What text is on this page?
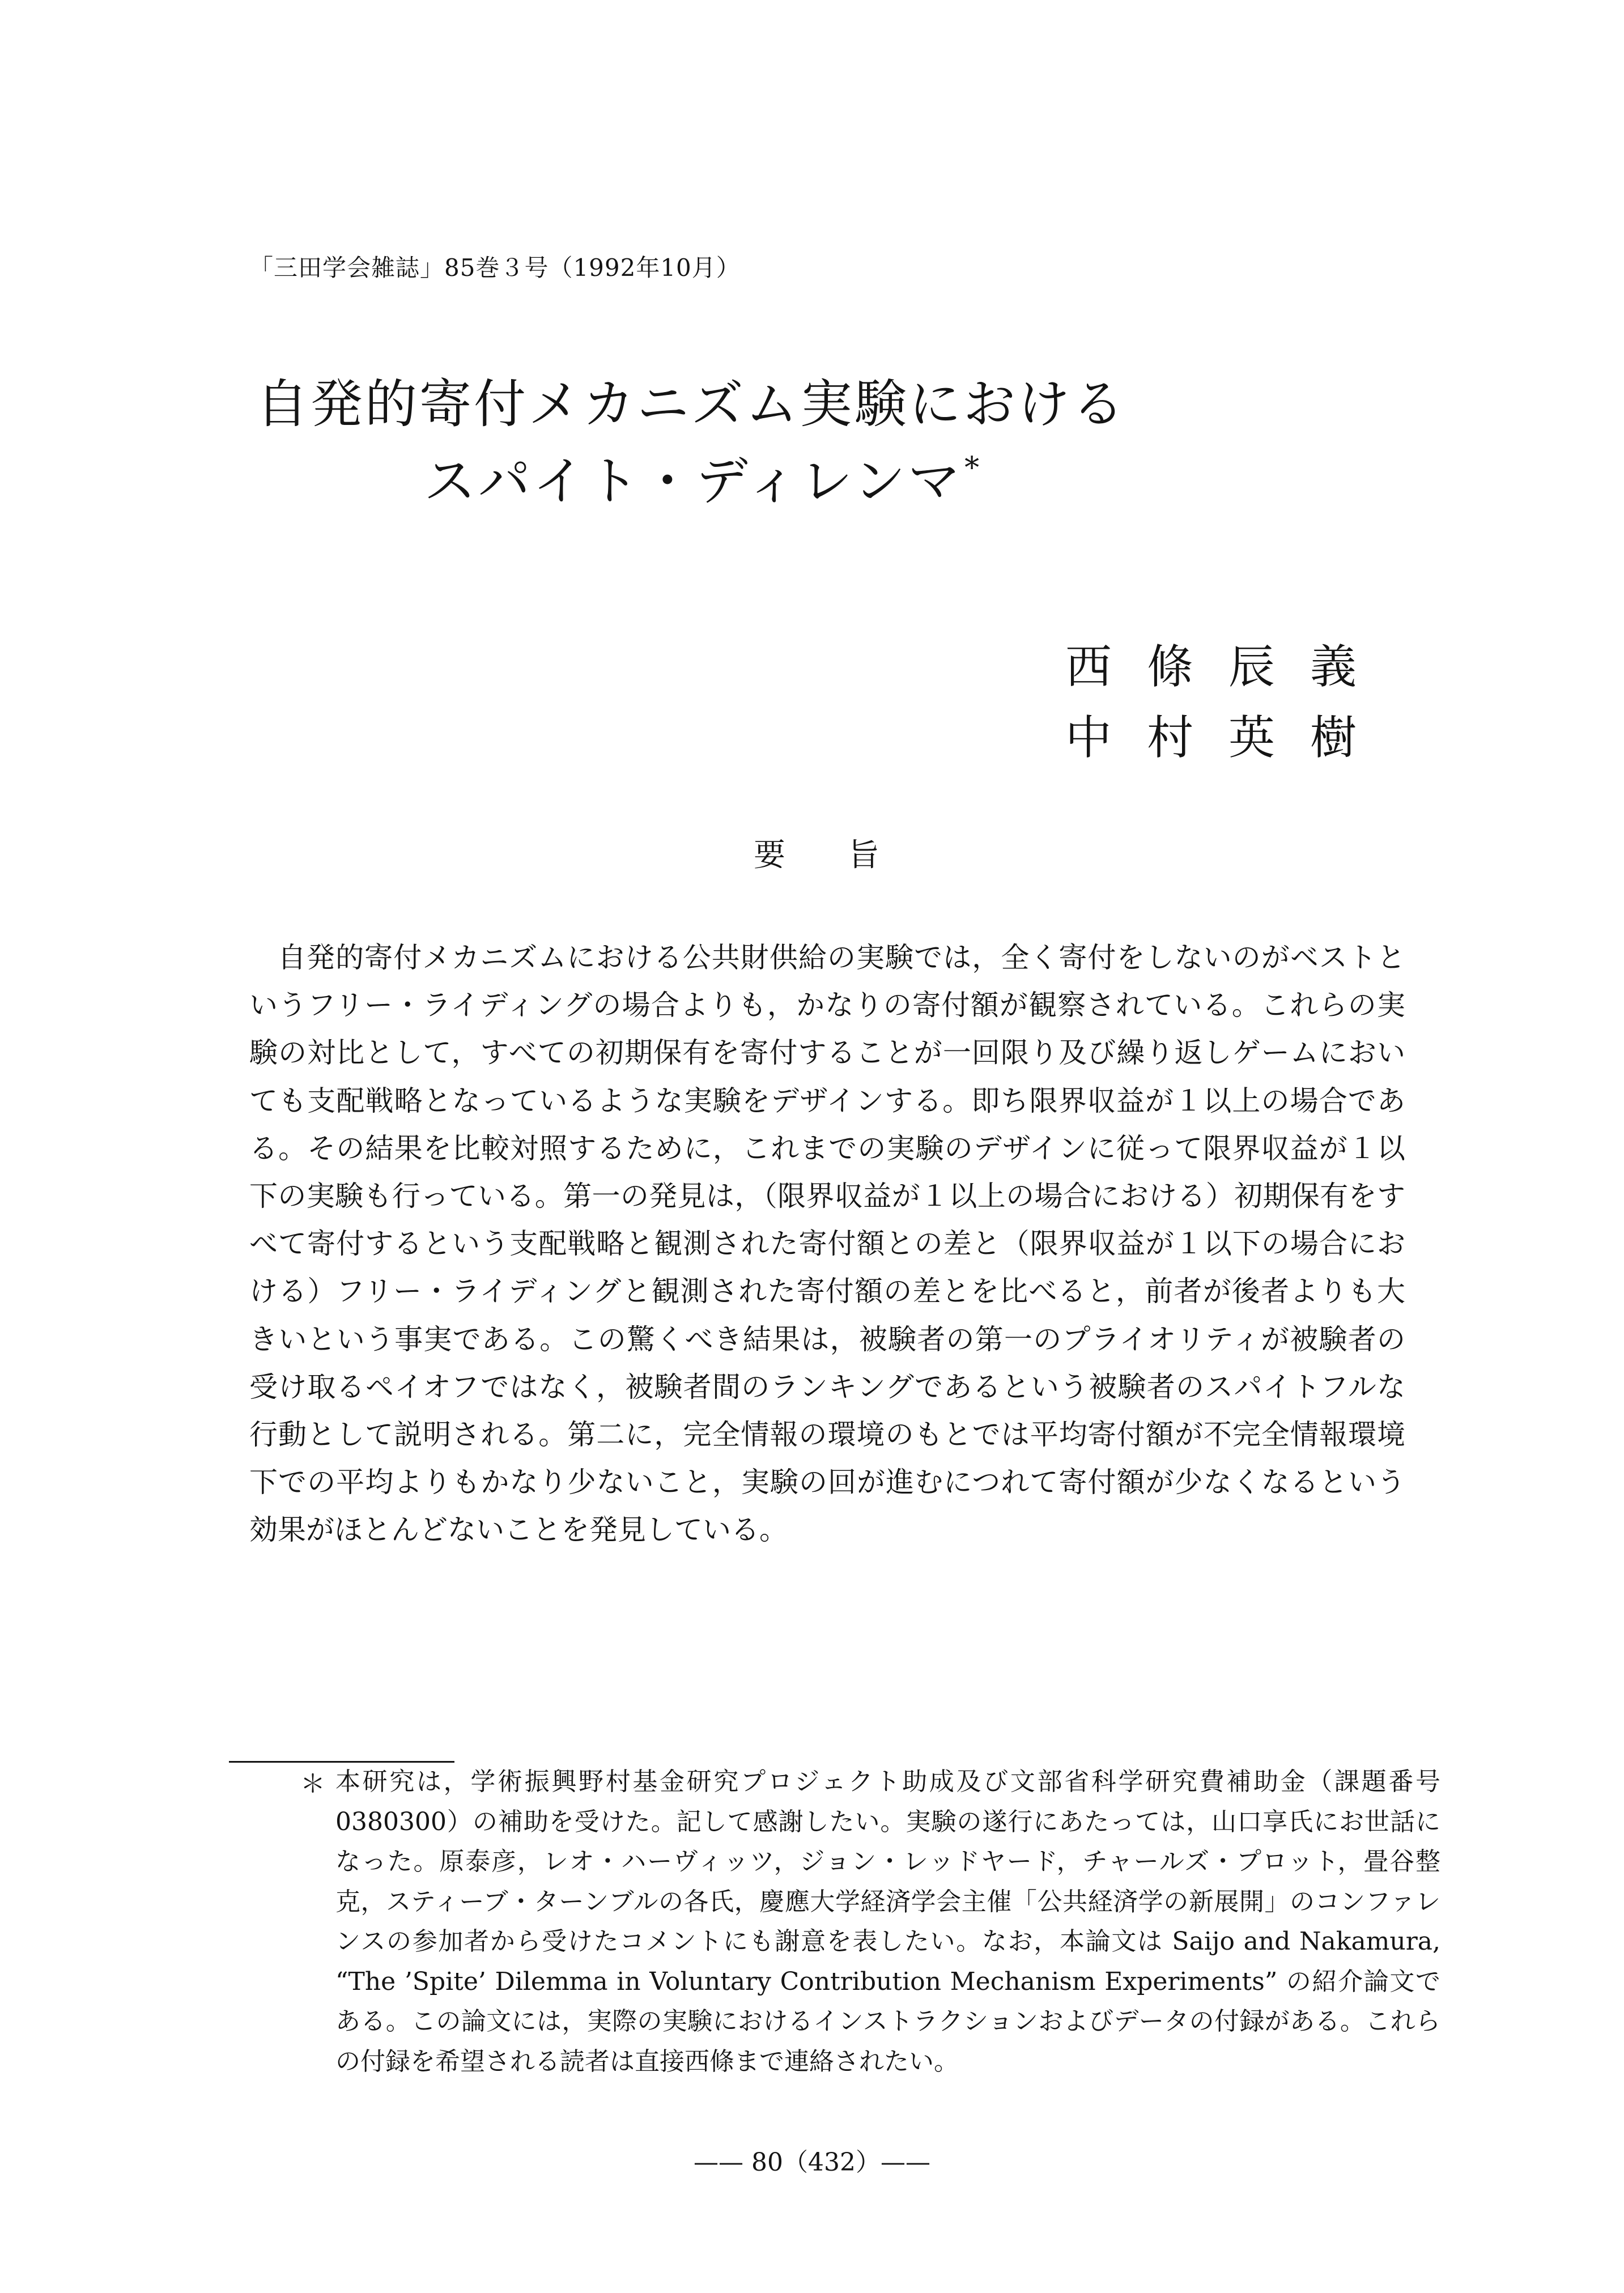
「三田学会雑誌」85巻３号（1992年10月）
自発的寄付メカニズム実験における
スパイト・ディレンマ*
西條辰義
中村英樹
要旨

自発的寄付メカニズムにおける公共財供給の実験では，全く寄付をしないのがベストというフリー・ライディングの場合よりも，かなりの寄付額が観察されている。これらの実験の対比として，すべての初期保有を寄付することが一回限り及び繰り返しゲームにおいても支配戦略となっているような実験をデザインする。即ち限界収益が１以上の場合である。その結果を比較対照するために，これまでの実験のデザインに従って限界収益が１以下の実験も行っている。第一の発見は，（限界収益が１以上の場合における）初期保有をすべて寄付するという支配戦略と観測された寄付額との差と（限界収益が１以下の場合における）フリー・ライディングと観測された寄付額の差とを比べると，前者が後者よりも大きいという事実である。この驚くべき結果は，被験者の第一のプライオリティが被験者の受け取るペイオフではなく，被験者間のランキングであるという被験者のスパイトフルな行動として説明される。第二に，完全情報の環境のもとでは平均寄付額が不完全情報環境下での平均よりもかなり少ないこと，実験の回が進むにつれて寄付額が少なくなるという効果がほとんどないことを発見している。

＊ 本研究は，学術振興野村基金研究プロジェクト助成及び文部省科学研究費補助金（課題番号 0380300）の補助を受けた。記して感謝したい。実験の遂行にあたっては，山口享氏にお世話になった。原泰彦，レオ・ハーヴィッツ，ジョン・レッドヤード，チャールズ・プロット，畳谷整克，スティーブ・ターンブルの各氏，慶應大学経済学会主催「公共経済学の新展開」のコンファレンスの参加者から受けたコメントにも謝意を表したい。なお，本論文は Saijo and Nakamura, “The ’Spite’ Dilemma in Voluntary Contribution Mechanism Experiments” の紹介論文である。この論文には，実際の実験におけるインストラクションおよびデータの付録がある。これらの付録を希望される読者は直接西條まで連絡されたい。
—— 80（432）——
